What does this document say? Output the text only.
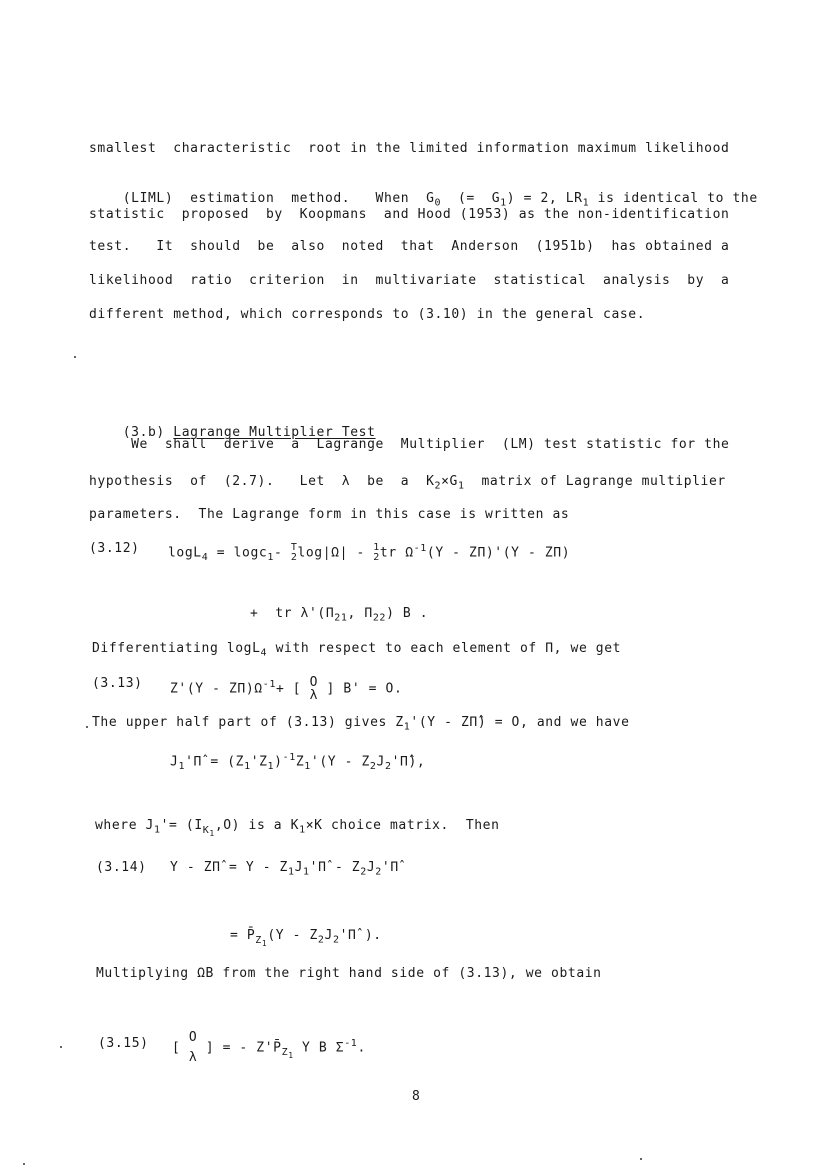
smallest  characteristic  root in the limited information maximum likelihood

(LIML)  estimation  method.   When  $G_0$  (=  $G_1) = 2$, $LR_1$ is identical to the

statistic  proposed  by  Koopmans  and Hood (1953) as the non-identification
test.   It  should  be  also  noted  that  Anderson  (1951b)  has obtained a
likelihood  ratio  criterion  in  multivariate  statistical  analysis  by  a
different method, which corresponds to (3.10) in the general case.

(3.b) Lagrange Multiplier Test

We  shall  derive  a  Lagrange  Multiplier  (LM) test statistic for the
hypothesis  of  (2.7).   Let  λ  be  a  $K_2\times G_1$  matrix of Lagrange multiplier
parameters.  The Lagrange form in this case is written as
(3.12) logL$_4$ = logc$_1$- T
2log|Ω| - 1
2tr $\Omega^{-1}(Y - Z\Pi)'(Y - Z\Pi)$
+  tr $\lambda'(\Pi_{21}$, $\Pi_{22}$) B .
Differentiating logL$_4$ with respect to each element of Π, we get
(3.13) $Z'(Y - Z\Pi)\Omega^{-1}+$ [ O
λ ] B' = O.
The upper half part of (3.13) gives $Z_1'(Y$ - ZΠ̂) = O, and we have
$J_1'\Pî = (Z_1'Z_1)^{-1}Z_1'(Y$ - $Z_2J_2'\Pî$),
where $J_1'= (I_{K_1},O)$ is a $K_1\times K$ choice matrix.  Then
(3.14) Y - ZΠ̂ = Y - $Z_1J_1'\Pî$ - $Z_2J_2'\Pî$
= $P̄_{Z_1}(Y$ - $Z_2J_2'\Pî$ ).
Multiplying ΩB from the right hand side of (3.13), we obtain
(3.15) [ O
λ ] = - $Z'P̄_{Z_1}$ Y B $\Sigma^{-1}$.
8
